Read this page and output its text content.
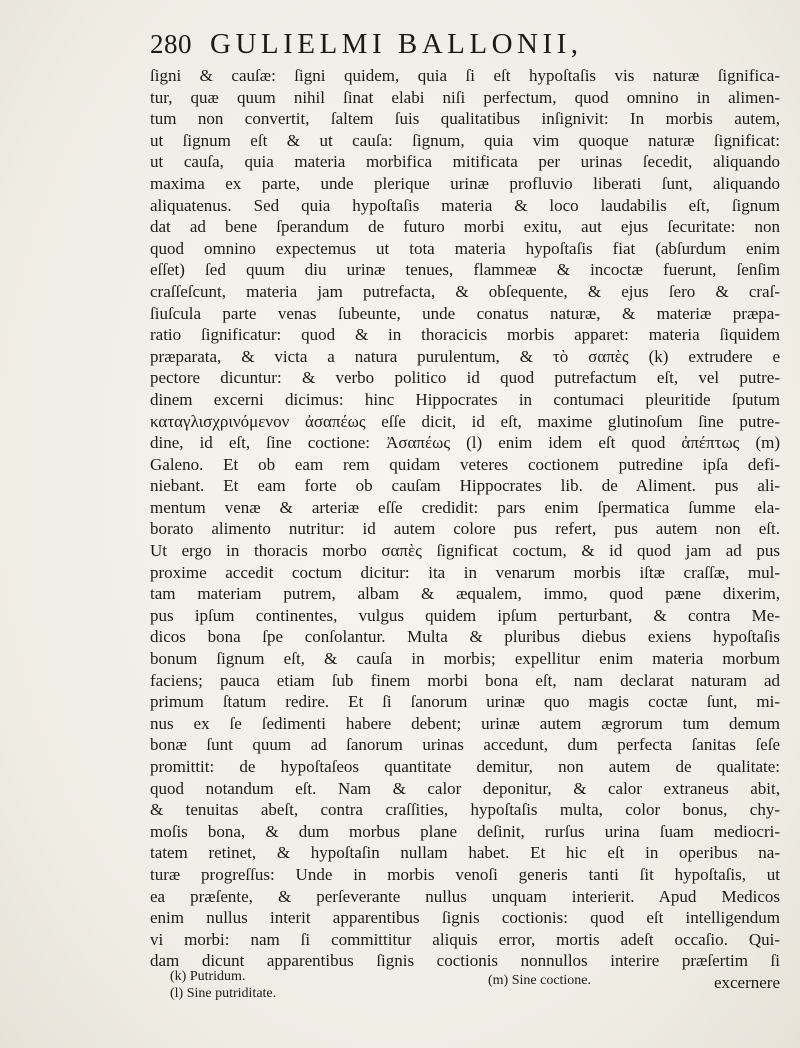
280 GULIELMI BALLONII,
ſigni & cauſæ: ſigni quidem, quia ſi eſt hypoſtaſis vis naturæ ſignifica-
tur, quæ quum nihil ſinat elabi niſi perfectum, quod omnino in alimen-
tum non convertit, ſaltem ſuis qualitatibus inſignivit: In morbis autem,
ut ſignum eſt & ut cauſa: ſignum, quia vim quoque naturæ ſignificat:
ut cauſa, quia materia morbifica mitificata per urinas ſecedit, aliquando
maxima ex parte, unde plerique urinæ profluvio liberati ſunt, aliquando
aliquatenus. Sed quia hypoſtaſis materia & loco laudabilis eſt, ſignum
dat ad bene ſperandum de futuro morbi exitu, aut ejus ſecuritate: non
quod omnino expectemus ut tota materia hypoſtaſis fiat (abſurdum enim
eſſet) ſed quum diu urinæ tenues, flammeæ & incoctæ fuerunt, ſenſim
craſſeſcunt, materia jam putrefacta, & obſequente, & ejus ſero & craſ-
ſiuſcula parte venas ſubeunte, unde conatus naturæ, & materiæ præpa-
ratio ſignificatur: quod & in thoracicis morbis apparet: materia ſiquidem
præparata, & victa a natura purulentum, & τὸ σαπὲς (k) extrudere e
pectore dicuntur: & verbo politico id quod putrefactum eſt, vel putre-
dinem excerni dicimus: hinc Hippocrates in contumaci pleuritide ſputum
καταγλισχρινόμενον ἀσαπέως eſſe dicit, id eſt, maxime glutinoſum ſine putre-
dine, id eſt, ſine coctione: Ἀσαπέως (l) enim idem eſt quod ἀπέπτως (m)
Galeno. Et ob eam rem quidam veteres coctionem putredine ipſa defi-
niebant. Et eam forte ob cauſam Hippocrates lib. de Aliment. pus ali-
mentum venæ & arteriæ eſſe credidit: pars enim ſpermatica ſumme ela-
borato alimento nutritur: id autem colore pus refert, pus autem non eſt.
Ut ergo in thoracis morbo σαπὲς ſignificat coctum, & id quod jam ad pus
proxime accedit coctum dicitur: ita in venarum morbis iſtæ craſſæ, mul-
tam materiam putrem, albam & æqualem, immo, quod pæne dixerim,
pus ipſum continentes, vulgus quidem ipſum perturbant, & contra Me-
dicos bona ſpe conſolantur. Multa & pluribus diebus exiens hypoſtaſis
bonum ſignum eſt, & cauſa in morbis; expellitur enim materia morbum
faciens; pauca etiam ſub finem morbi bona eſt, nam declarat naturam ad
primum ſtatum redire. Et ſi ſanorum urinæ quo magis coctæ ſunt, mi-
nus ex ſe ſedimenti habere debent; urinæ autem ægrorum tum demum
bonæ ſunt quum ad ſanorum urinas accedunt, dum perfecta ſanitas ſeſe
promittit: de hypoſtaſeos quantitate demitur, non autem de qualitate:
quod notandum eſt. Nam & calor deponitur, & calor extraneus abit,
& tenuitas abeſt, contra craſſities, hypoſtaſis multa, color bonus, chy-
moſis bona, & dum morbus plane deſinit, rurſus urina ſuam mediocri-
tatem retinet, & hypoſtaſin nullam habet. Et hic eſt in operibus na-
turæ progreſſus: Unde in morbis venoſi generis tanti ſit hypoſtaſis, ut
ea præſente, & perſeverante nullus unquam interierit. Apud Medicos
enim nullus interit apparentibus ſignis coctionis: quod eſt intelligendum
vi morbi: nam ſi committitur aliquis error, mortis adeſt occaſio. Qui-
dam dicunt apparentibus ſignis coctionis nonnullos interire præſertim ſi
excernere
(k) Putridum.
(l) Sine putriditate.
(m) Sine coctione.
